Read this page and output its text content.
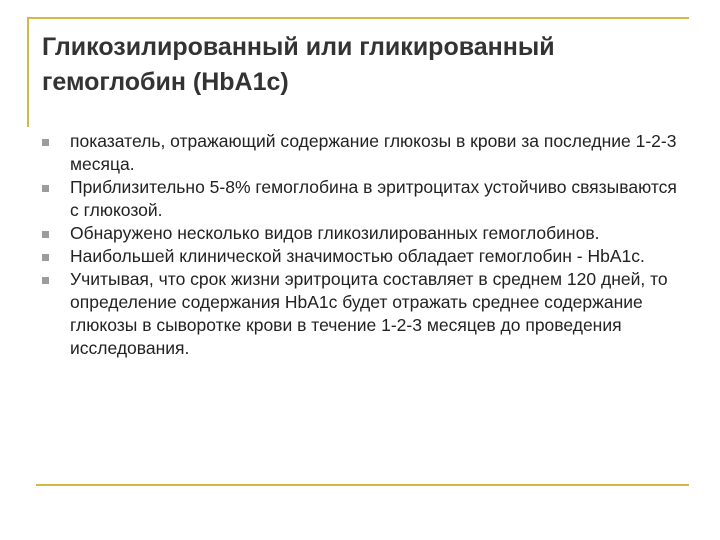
Гликозилированный или гликированный гемоглобин (HbA1c)
показатель, отражающий содержание глюкозы в крови за последние 1-2-3 месяца.
Приблизительно 5-8% гемоглобина в эритроцитах устойчиво связываются с глюкозой.
Обнаружено несколько видов гликозилированных гемоглобинов.
Наибольшей клинической значимостью обладает гемоглобин - HbA1c.
Учитывая, что срок жизни эритроцита составляет в среднем 120 дней, то определение содержания HbA1c будет отражать среднее содержание глюкозы в сыворотке крови в течение 1-2-3 месяцев до проведения исследования.
